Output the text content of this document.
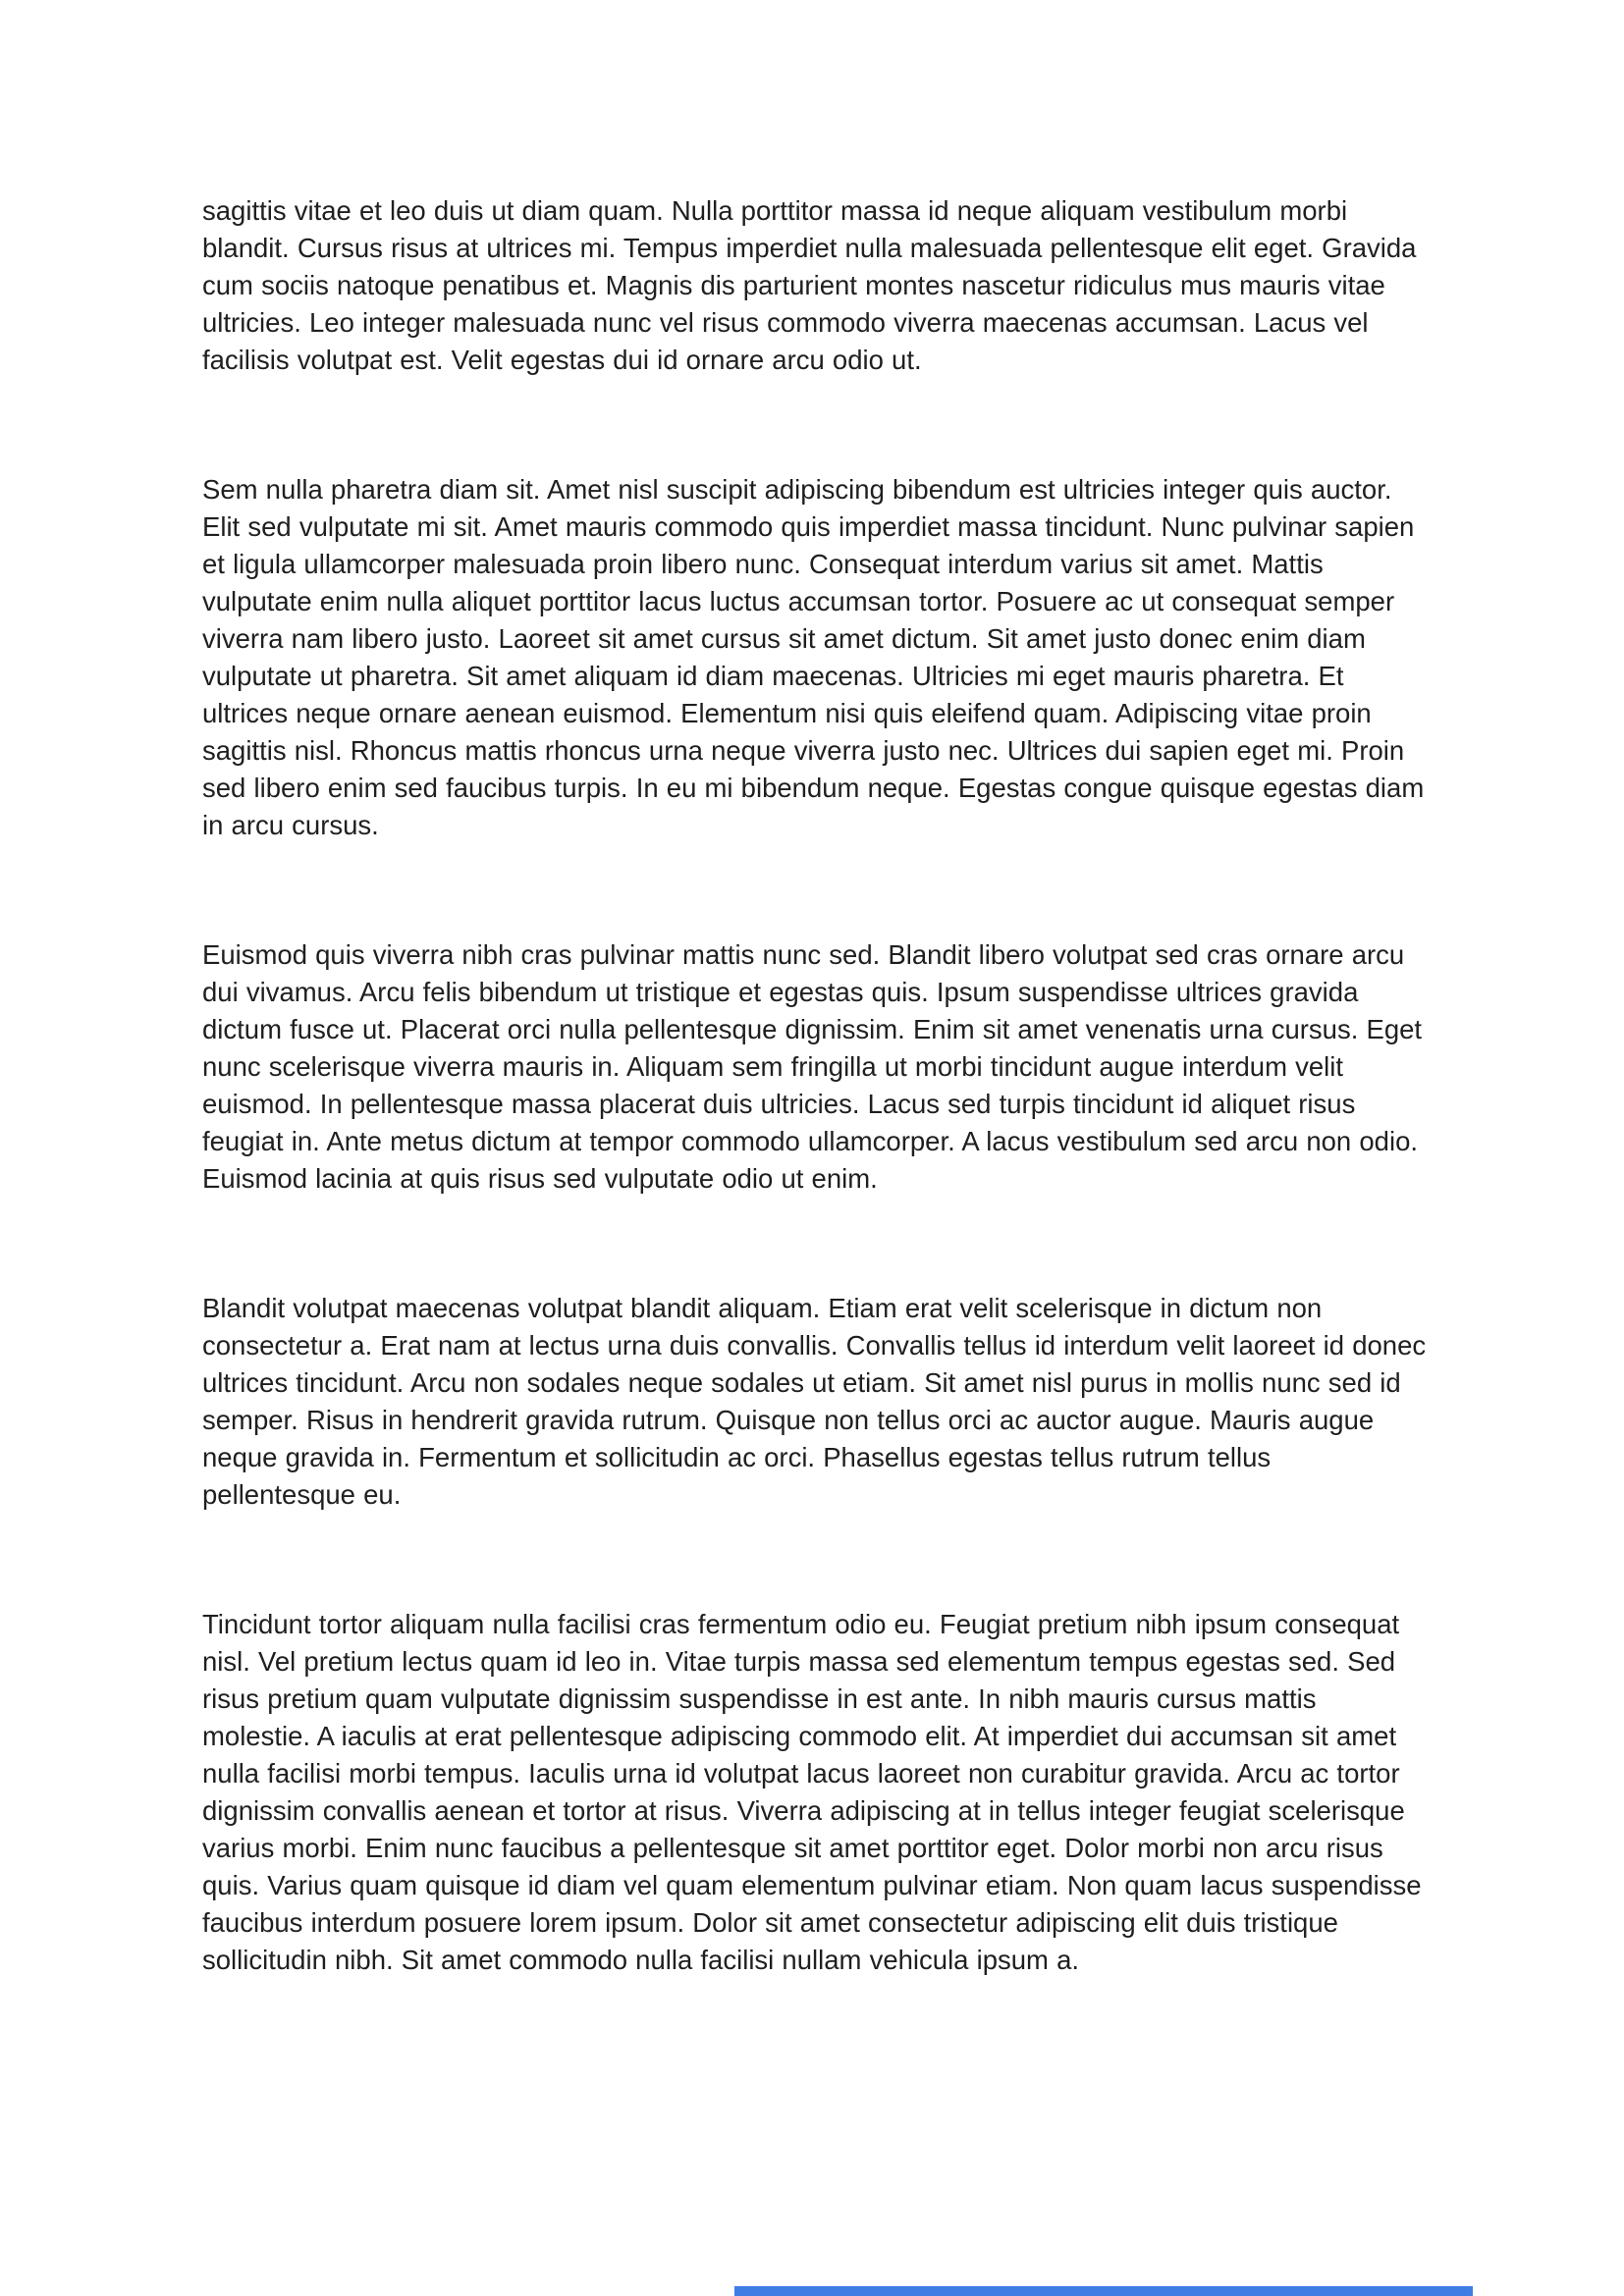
sagittis vitae et leo duis ut diam quam. Nulla porttitor massa id neque aliquam vestibulum morbi blandit. Cursus risus at ultrices mi. Tempus imperdiet nulla malesuada pellentesque elit eget. Gravida cum sociis natoque penatibus et. Magnis dis parturient montes nascetur ridiculus mus mauris vitae ultricies. Leo integer malesuada nunc vel risus commodo viverra maecenas accumsan. Lacus vel facilisis volutpat est. Velit egestas dui id ornare arcu odio ut.

Sem nulla pharetra diam sit. Amet nisl suscipit adipiscing bibendum est ultricies integer quis auctor. Elit sed vulputate mi sit. Amet mauris commodo quis imperdiet massa tincidunt. Nunc pulvinar sapien et ligula ullamcorper malesuada proin libero nunc. Consequat interdum varius sit amet. Mattis vulputate enim nulla aliquet porttitor lacus luctus accumsan tortor. Posuere ac ut consequat semper viverra nam libero justo. Laoreet sit amet cursus sit amet dictum. Sit amet justo donec enim diam vulputate ut pharetra. Sit amet aliquam id diam maecenas. Ultricies mi eget mauris pharetra. Et ultrices neque ornare aenean euismod. Elementum nisi quis eleifend quam. Adipiscing vitae proin sagittis nisl. Rhoncus mattis rhoncus urna neque viverra justo nec. Ultrices dui sapien eget mi. Proin sed libero enim sed faucibus turpis. In eu mi bibendum neque. Egestas congue quisque egestas diam in arcu cursus.

Euismod quis viverra nibh cras pulvinar mattis nunc sed. Blandit libero volutpat sed cras ornare arcu dui vivamus. Arcu felis bibendum ut tristique et egestas quis. Ipsum suspendisse ultrices gravida dictum fusce ut. Placerat orci nulla pellentesque dignissim. Enim sit amet venenatis urna cursus. Eget nunc scelerisque viverra mauris in. Aliquam sem fringilla ut morbi tincidunt augue interdum velit euismod. In pellentesque massa placerat duis ultricies. Lacus sed turpis tincidunt id aliquet risus feugiat in. Ante metus dictum at tempor commodo ullamcorper. A lacus vestibulum sed arcu non odio. Euismod lacinia at quis risus sed vulputate odio ut enim.

Blandit volutpat maecenas volutpat blandit aliquam. Etiam erat velit scelerisque in dictum non consectetur a. Erat nam at lectus urna duis convallis. Convallis tellus id interdum velit laoreet id donec ultrices tincidunt. Arcu non sodales neque sodales ut etiam. Sit amet nisl purus in mollis nunc sed id semper. Risus in hendrerit gravida rutrum. Quisque non tellus orci ac auctor augue. Mauris augue neque gravida in. Fermentum et sollicitudin ac orci. Phasellus egestas tellus rutrum tellus pellentesque eu.

Tincidunt tortor aliquam nulla facilisi cras fermentum odio eu. Feugiat pretium nibh ipsum consequat nisl. Vel pretium lectus quam id leo in. Vitae turpis massa sed elementum tempus egestas sed. Sed risus pretium quam vulputate dignissim suspendisse in est ante. In nibh mauris cursus mattis molestie. A iaculis at erat pellentesque adipiscing commodo elit. At imperdiet dui accumsan sit amet nulla facilisi morbi tempus. Iaculis urna id volutpat lacus laoreet non curabitur gravida. Arcu ac tortor dignissim convallis aenean et tortor at risus. Viverra adipiscing at in tellus integer feugiat scelerisque varius morbi. Enim nunc faucibus a pellentesque sit amet porttitor eget. Dolor morbi non arcu risus quis. Varius quam quisque id diam vel quam elementum pulvinar etiam. Non quam lacus suspendisse faucibus interdum posuere lorem ipsum. Dolor sit amet consectetur adipiscing elit duis tristique sollicitudin nibh. Sit amet commodo nulla facilisi nullam vehicula ipsum a.
